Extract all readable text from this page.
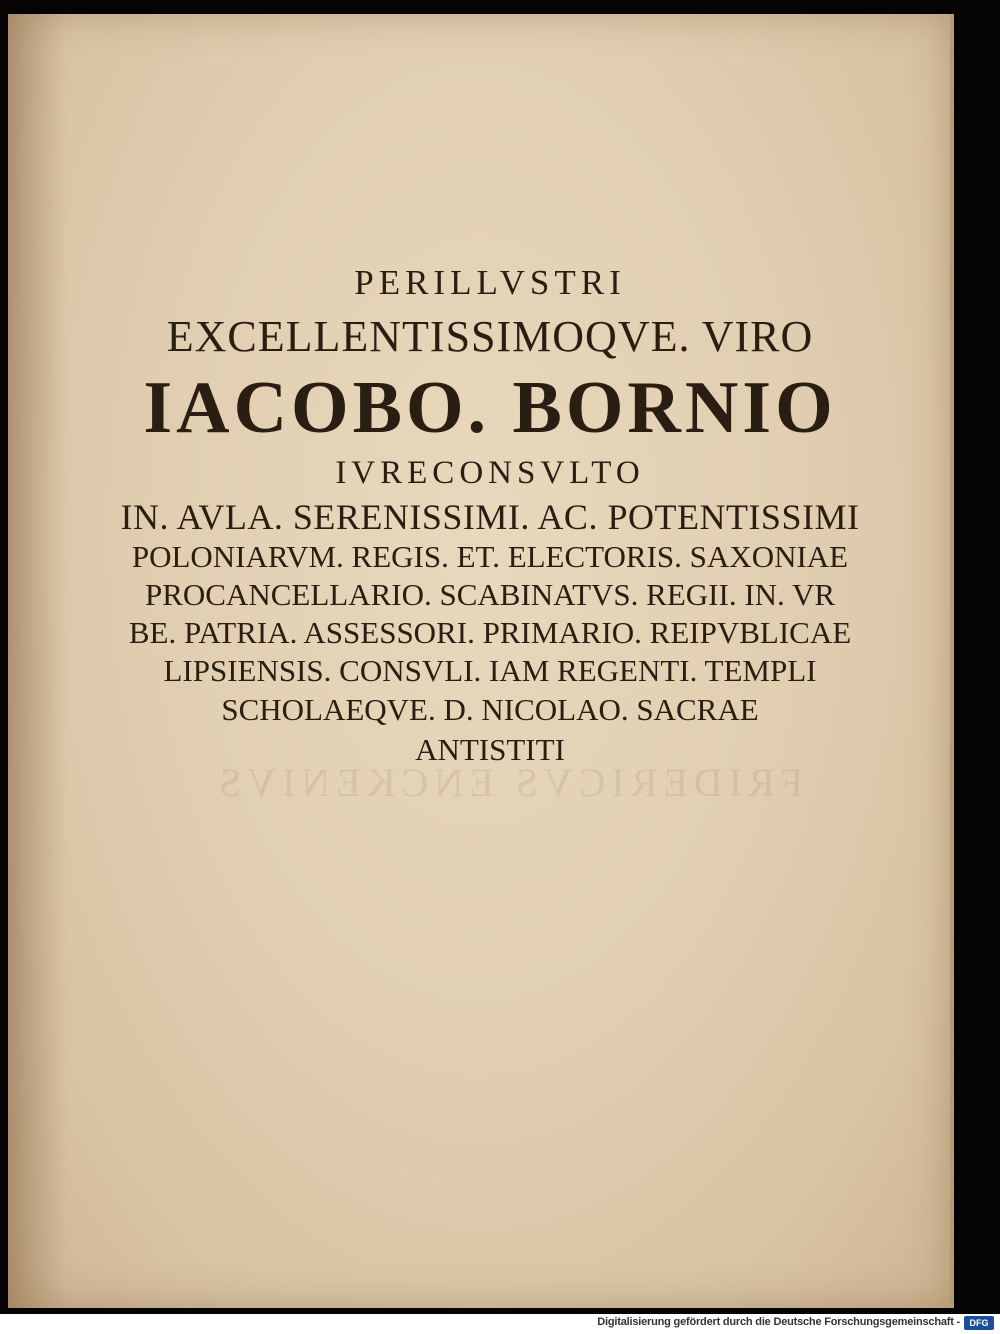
FRIDERICVS ENCKENIVS
PERILLVSTRI
EXCELLENTISSIMOQVE. VIRO
IACOBO. BORNIO
IVRECONSVLTO
IN. AVLA. SERENISSIMI. AC. POTENTISSIMI
POLONIARVM. REGIS. ET. ELECTORIS. SAXONIAE
PROCANCELLARIO. SCABINATVS. REGII. IN. VR
BE. PATRIA. ASSESSORI. PRIMARIO. REIPVBLICAE
LIPSIENSIS. CONSVLI. IAM REGENTI. TEMPLI
SCHOLAEQVE. D. NICOLAO. SACRAE
ANTISTITI
Digitalisierung gefördert durch die Deutsche Forschungsgemeinschaft -	DFG
